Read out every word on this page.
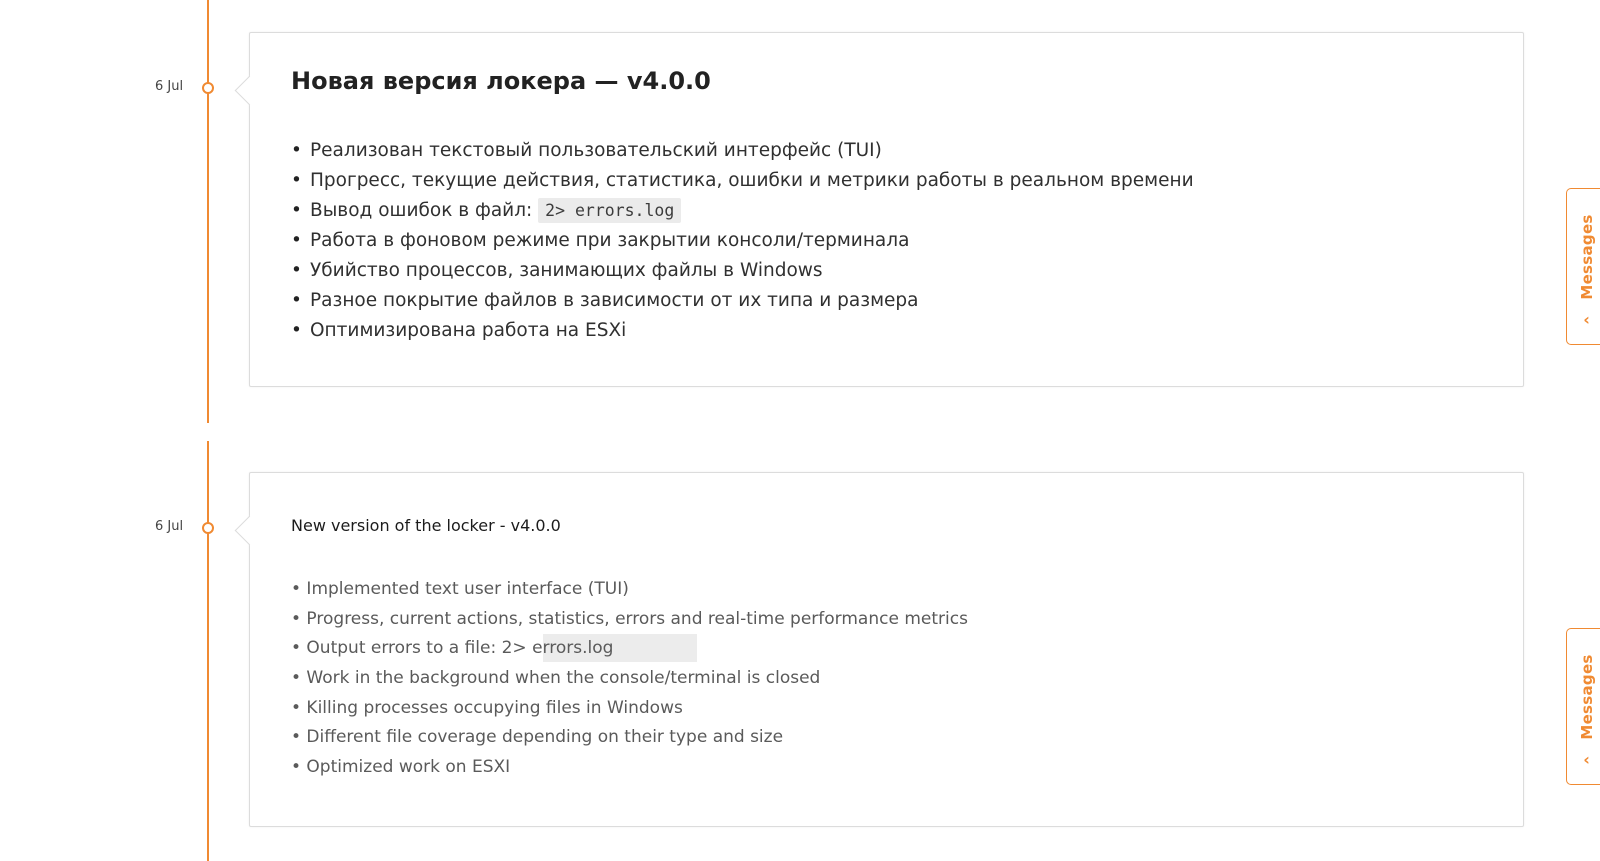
6 Jul	Новая версия локера — v4.0.0
• Реализован текстовый пользовательский интерфейс (TUI)
• Прогресс, текущие действия, статистика, ошибки и метрики работы в реальном времени
• Вывод ошибок в файл: 2> errors.log
• Работа в фоновом режиме при закрытии консоли/терминала
• Убийство процессов, занимающих файлы в Windows
• Разное покрытие файлов в зависимости от их типа и размера
• Оптимизирована работа на ESXi
6 Jul	New version of the locker - v4.0.0
• Implemented text user interface (TUI)
• Progress, current actions, statistics, errors and real-time performance metrics
• Output errors to a file: 2> errors.log
• Work in the background when the console/terminal is closed
• Killing processes occupying files in Windows
• Different file coverage depending on their type and size
• Optimized work on ESXI
Messages
‹
Messages
‹
